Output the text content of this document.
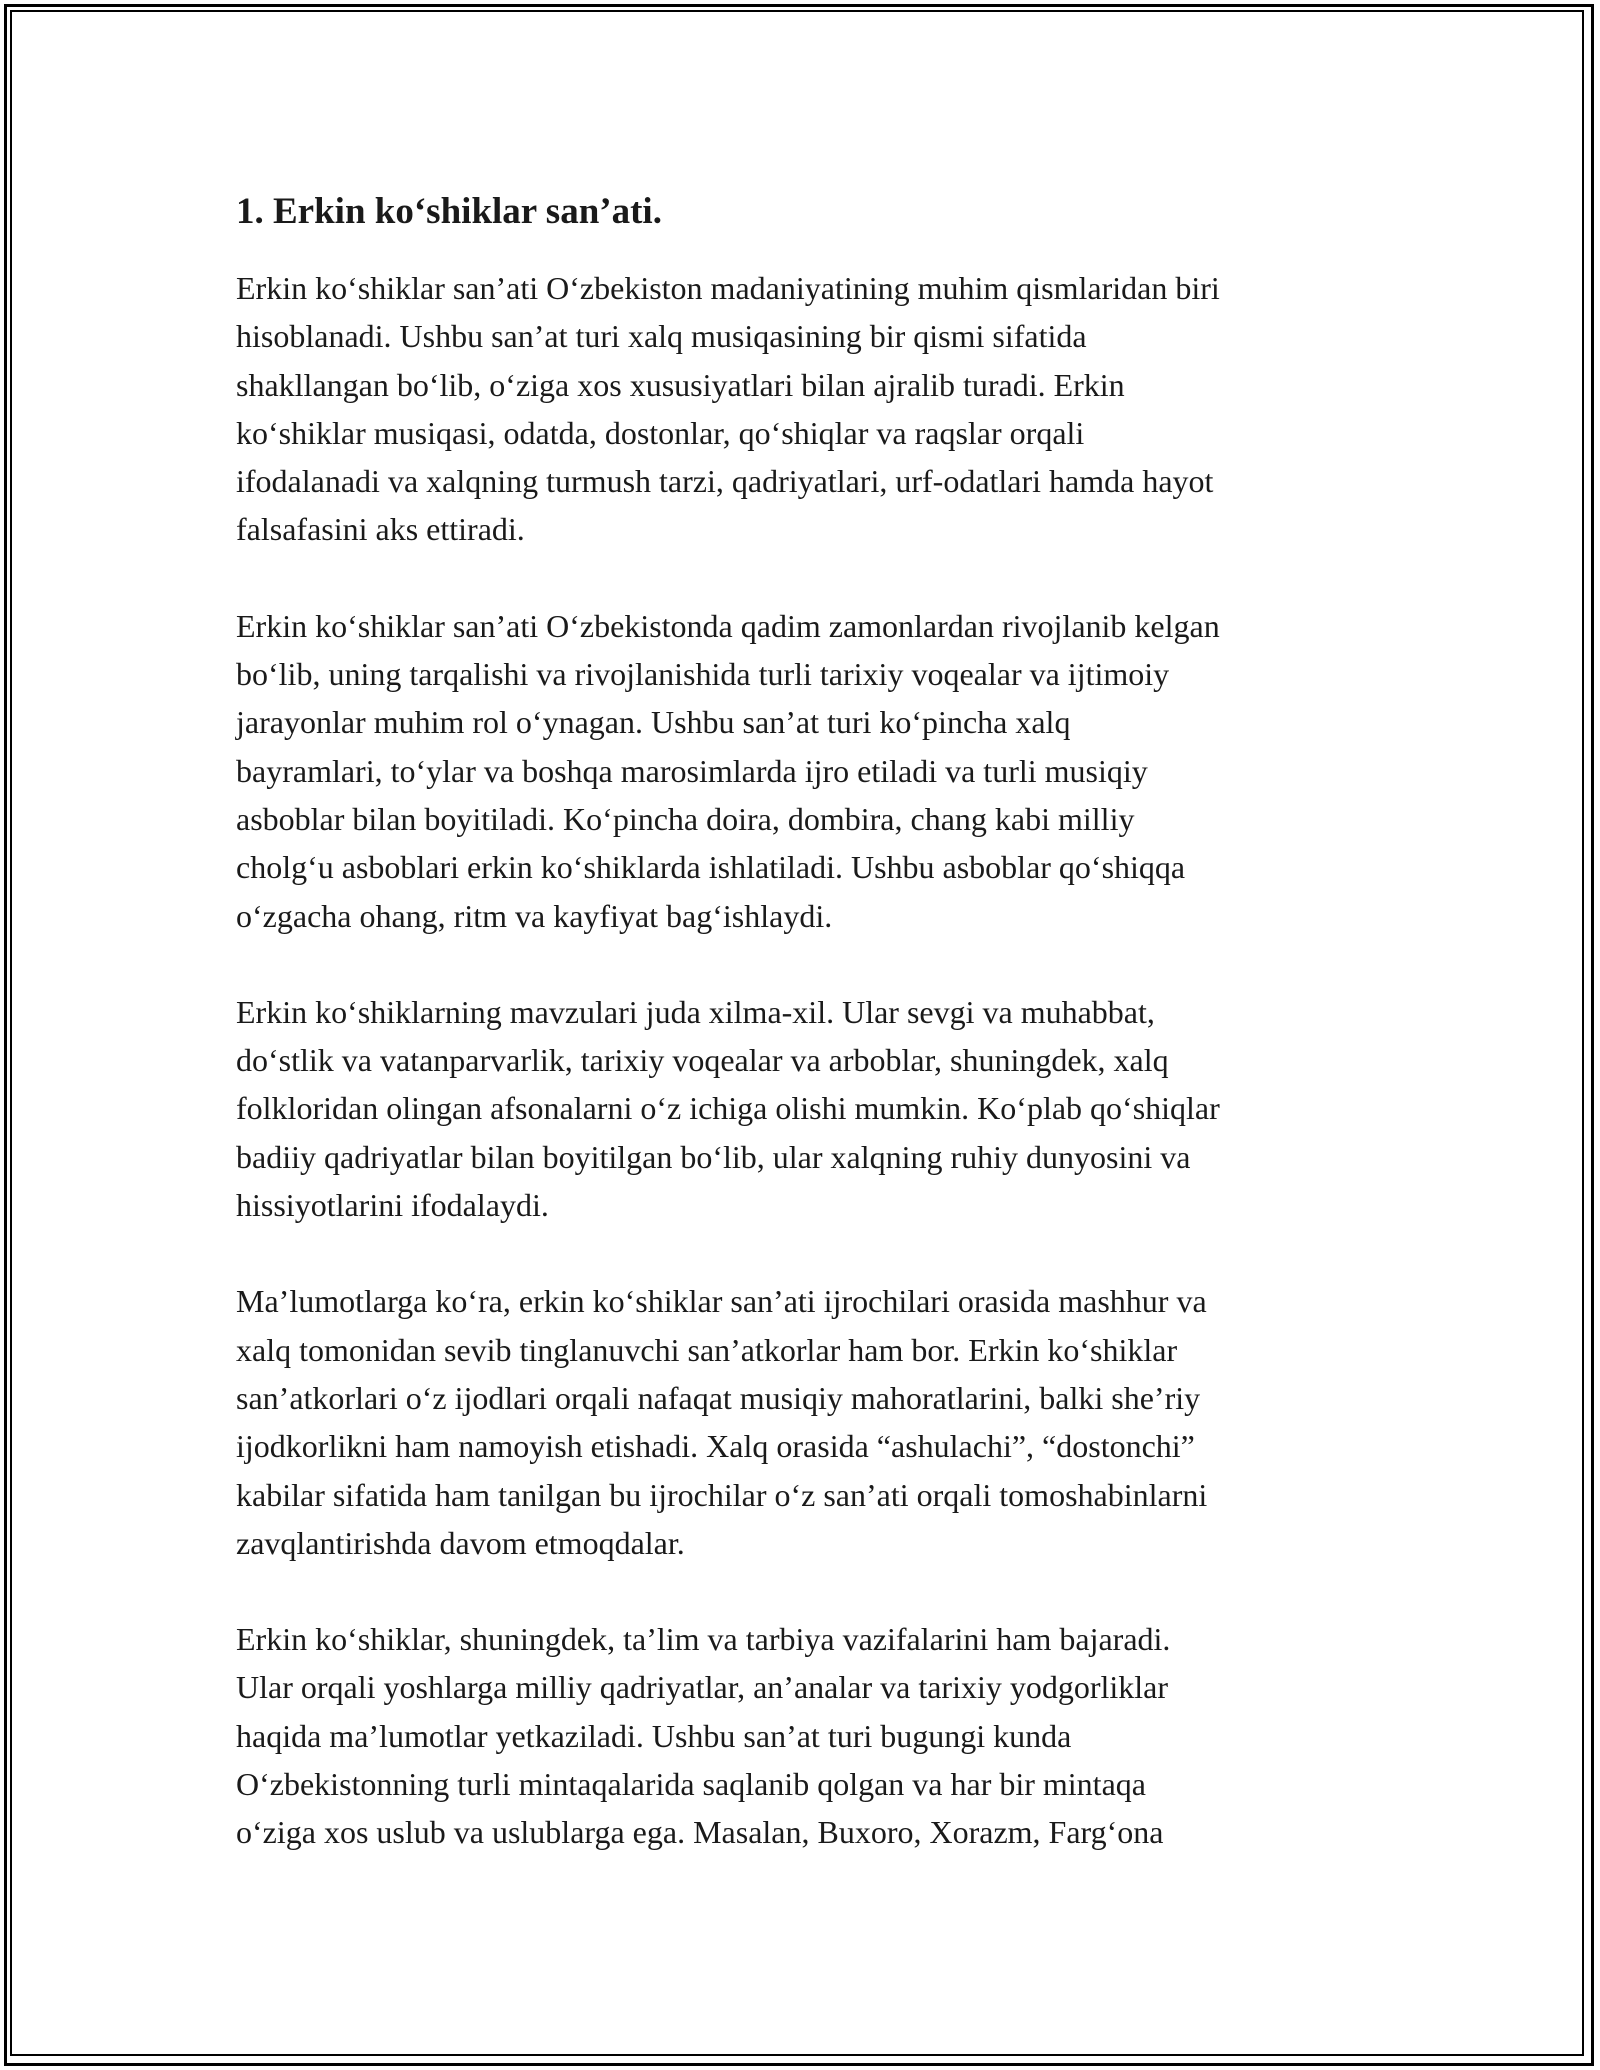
1. Erkin ko‘shiklar san’ati.

Erkin ko‘shiklar san’ati O‘zbekiston madaniyatining muhim qismlaridan biri
hisoblanadi. Ushbu san’at turi xalq musiqasining bir qismi sifatida
shakllangan bo‘lib, o‘ziga xos xususiyatlari bilan ajralib turadi. Erkin
ko‘shiklar musiqasi, odatda, dostonlar, qo‘shiqlar va raqslar orqali
ifodalanadi va xalqning turmush tarzi, qadriyatlari, urf-odatlari hamda hayot
falsafasini aks ettiradi.

Erkin ko‘shiklar san’ati O‘zbekistonda qadim zamonlardan rivojlanib kelgan
bo‘lib, uning tarqalishi va rivojlanishida turli tarixiy voqealar va ijtimoiy
jarayonlar muhim rol o‘ynagan. Ushbu san’at turi ko‘pincha xalq
bayramlari, to‘ylar va boshqa marosimlarda ijro etiladi va turli musiqiy
asboblar bilan boyitiladi. Ko‘pincha doira, dombira, chang kabi milliy
cholg‘u asboblari erkin ko‘shiklarda ishlatiladi. Ushbu asboblar qo‘shiqqa
o‘zgacha ohang, ritm va kayfiyat bag‘ishlaydi.

Erkin ko‘shiklarning mavzulari juda xilma-xil. Ular sevgi va muhabbat,
do‘stlik va vatanparvarlik, tarixiy voqealar va arboblar, shuningdek, xalq
folkloridan olingan afsonalarni o‘z ichiga olishi mumkin. Ko‘plab qo‘shiqlar
badiiy qadriyatlar bilan boyitilgan bo‘lib, ular xalqning ruhiy dunyosini va
hissiyotlarini ifodalaydi.

Ma’lumotlarga ko‘ra, erkin ko‘shiklar san’ati ijrochilari orasida mashhur va
xalq tomonidan sevib tinglanuvchi san’atkorlar ham bor. Erkin ko‘shiklar
san’atkorlari o‘z ijodlari orqali nafaqat musiqiy mahoratlarini, balki she’riy
ijodkorlikni ham namoyish etishadi. Xalq orasida “ashulachi”, “dostonchi”
kabilar sifatida ham tanilgan bu ijrochilar o‘z san’ati orqali tomoshabinlarni
zavqlantirishda davom etmoqdalar.

Erkin ko‘shiklar, shuningdek, ta’lim va tarbiya vazifalarini ham bajaradi.
Ular orqali yoshlarga milliy qadriyatlar, an’analar va tarixiy yodgorliklar
haqida ma’lumotlar yetkaziladi. Ushbu san’at turi bugungi kunda
O‘zbekistonning turli mintaqalarida saqlanib qolgan va har bir mintaqa
o‘ziga xos uslub va uslublarga ega. Masalan, Buxoro, Xorazm, Farg‘ona
